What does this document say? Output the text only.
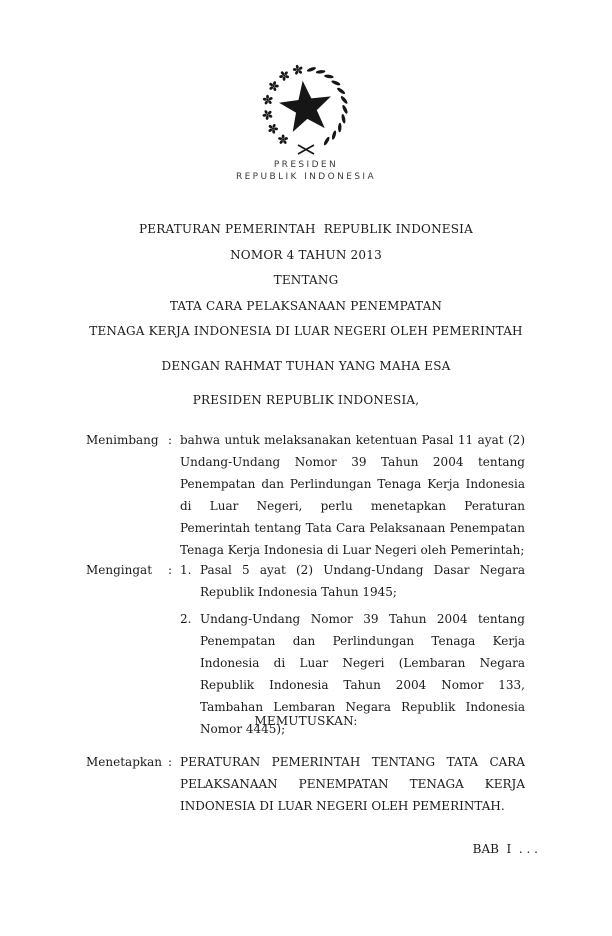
PRESIDEN
REPUBLIK INDONESIA
PERATURAN PEMERINTAH  REPUBLIK INDONESIA
NOMOR 4 TAHUN 2013
TENTANG
TATA CARA PELAKSANAAN PENEMPATAN
TENAGA KERJA INDONESIA DI LUAR NEGERI OLEH PEMERINTAH
DENGAN RAHMAT TUHAN YANG MAHA ESA
PRESIDEN REPUBLIK INDONESIA,
Menimbang : bahwa untuk melaksanakan ketentuan Pasal 11 ayat (2) Undang-Undang Nomor 39 Tahun 2004 tentang Penempatan dan Perlindungan Tenaga Kerja Indonesia di Luar Negeri, perlu menetapkan Peraturan Pemerintah tentang Tata Cara Pelaksanaan Penempatan Tenaga Kerja Indonesia di Luar Negeri oleh Pemerintah;
Mengingat	: 1. Pasal 5 ayat (2) Undang-Undang Dasar Negara Republik Indonesia Tahun 1945;
2. Undang-Undang Nomor 39 Tahun 2004 tentang Penempatan dan Perlindungan Tenaga Kerja Indonesia di Luar Negeri (Lembaran Negara Republik Indonesia Tahun 2004 Nomor 133, Tambahan Lembaran Negara Republik Indonesia Nomor 4445);
MEMUTUSKAN:
Menetapkan : PERATURAN PEMERINTAH TENTANG TATA CARA PELAKSANAAN PENEMPATAN TENAGA KERJA INDONESIA DI LUAR NEGERI OLEH PEMERINTAH.
BAB  I  . . .
